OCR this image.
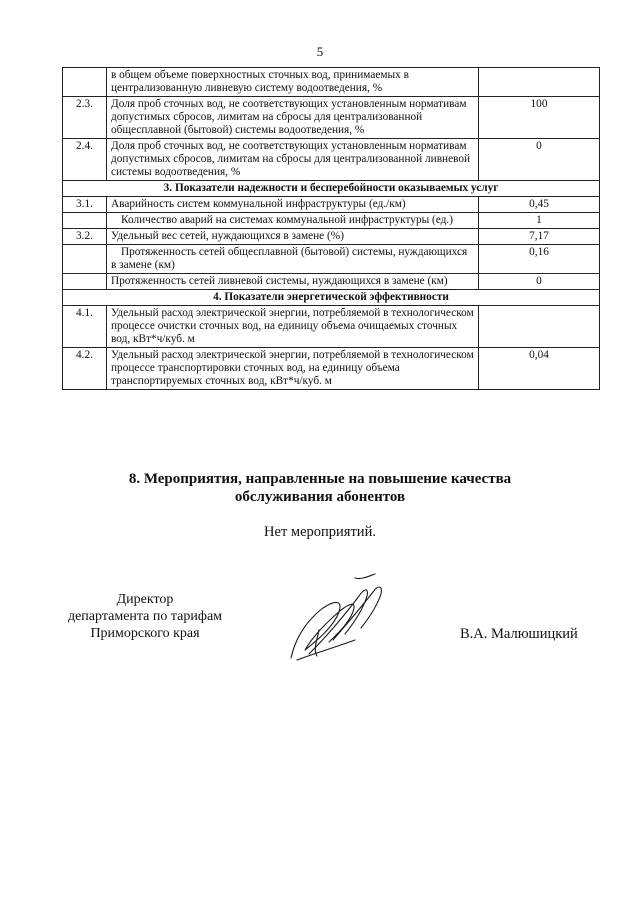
5
	в общем объеме поверхностных сточных вод, принимаемых в централизованную ливневую систему водоотведения, %	
2.3.	Доля проб сточных вод, не соответствующих установленным нормативам допустимых сбросов, лимитам на сбросы для централизованной общесплавной (бытовой) системы водоотведения, %	100
2.4.	Доля проб сточных вод, не соответствующих установленным нормативам допустимых сбросов, лимитам на сбросы для централизованной ливневой системы водоотведения, %	0
3. Показатели надежности и бесперебойности оказываемых услуг		
3.1.	Аварийность систем коммунальной инфраструктуры (ед./км)	0,45
	Количество аварий на системах коммунальной инфраструктуры (ед.)	1
3.2.	Удельный вес сетей, нуждающихся в замене (%)	7,17
	Протяженность сетей общесплавной (бытовой) системы, нуждающихся в замене (км)	0,16
	Протяженность сетей ливневой системы, нуждающихся в замене (км)	0
4. Показатели энергетической эффективности		
4.1.	Удельный расход электрической энергии, потребляемой в технологическом процессе очистки сточных вод, на единицу объема очищаемых сточных вод, кВт*ч/куб. м	
4.2.	Удельный расход электрической энергии, потребляемой в технологическом процессе транспортировки сточных вод, на единицу объема транспортируемых сточных вод, кВт*ч/куб. м	0,04
8. Мероприятия, направленные на повышение качества
обслуживания абонентов
Нет мероприятий.
Директор
департамента по тарифам
Приморского края	В.А. Малюшицкий
